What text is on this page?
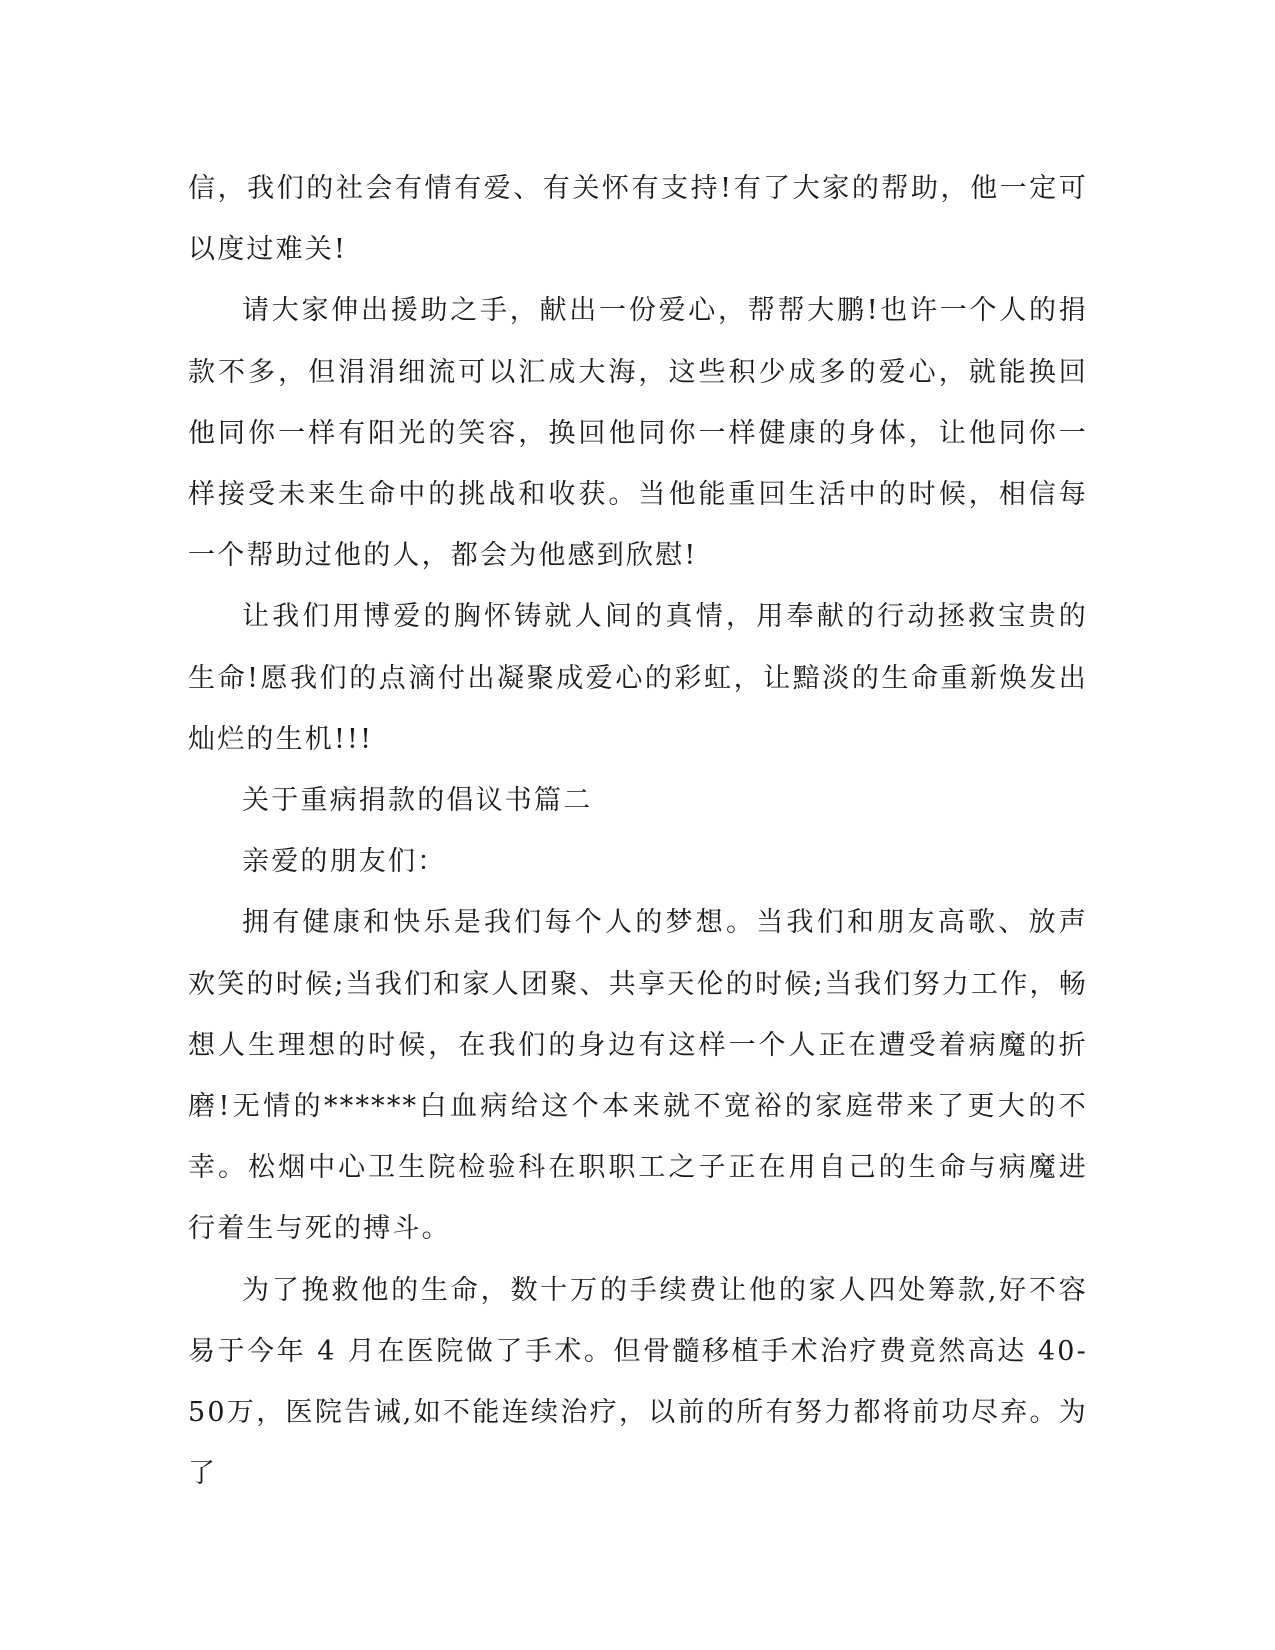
信，我们的社会有情有爱、有关怀有支持!有了大家的帮助，他一定可以度过难关!

请大家伸出援助之手，献出一份爱心，帮帮大鹏!也许一个人的捐款不多，但涓涓细流可以汇成大海，这些积少成多的爱心，就能换回他同你一样有阳光的笑容，换回他同你一样健康的身体，让他同你一样接受未来生命中的挑战和收获。当他能重回生活中的时候，相信每一个帮助过他的人，都会为他感到欣慰!

让我们用博爱的胸怀铸就人间的真情，用奉献的行动拯救宝贵的生命!愿我们的点滴付出凝聚成爱心的彩虹，让黯淡的生命重新焕发出灿烂的生机!!!

关于重病捐款的倡议书篇二

亲爱的朋友们：

拥有健康和快乐是我们每个人的梦想。当我们和朋友高歌、放声欢笑的时候;当我们和家人团聚、共享天伦的时候;当我们努力工作，畅想人生理想的时候，在我们的身边有这样一个人正在遭受着病魔的折磨!无情的******白血病给这个本来就不宽裕的家庭带来了更大的不幸。松烟中心卫生院检验科在职职工之子正在用自己的生命与病魔进行着生与死的搏斗。

为了挽救他的生命，数十万的手续费让他的家人四处筹款,好不容易于今年 4 月在医院做了手术。但骨髓移植手术治疗费竟然高达 40-50万，医院告诫,如不能连续治疗，以前的所有努力都将前功尽弃。为了
